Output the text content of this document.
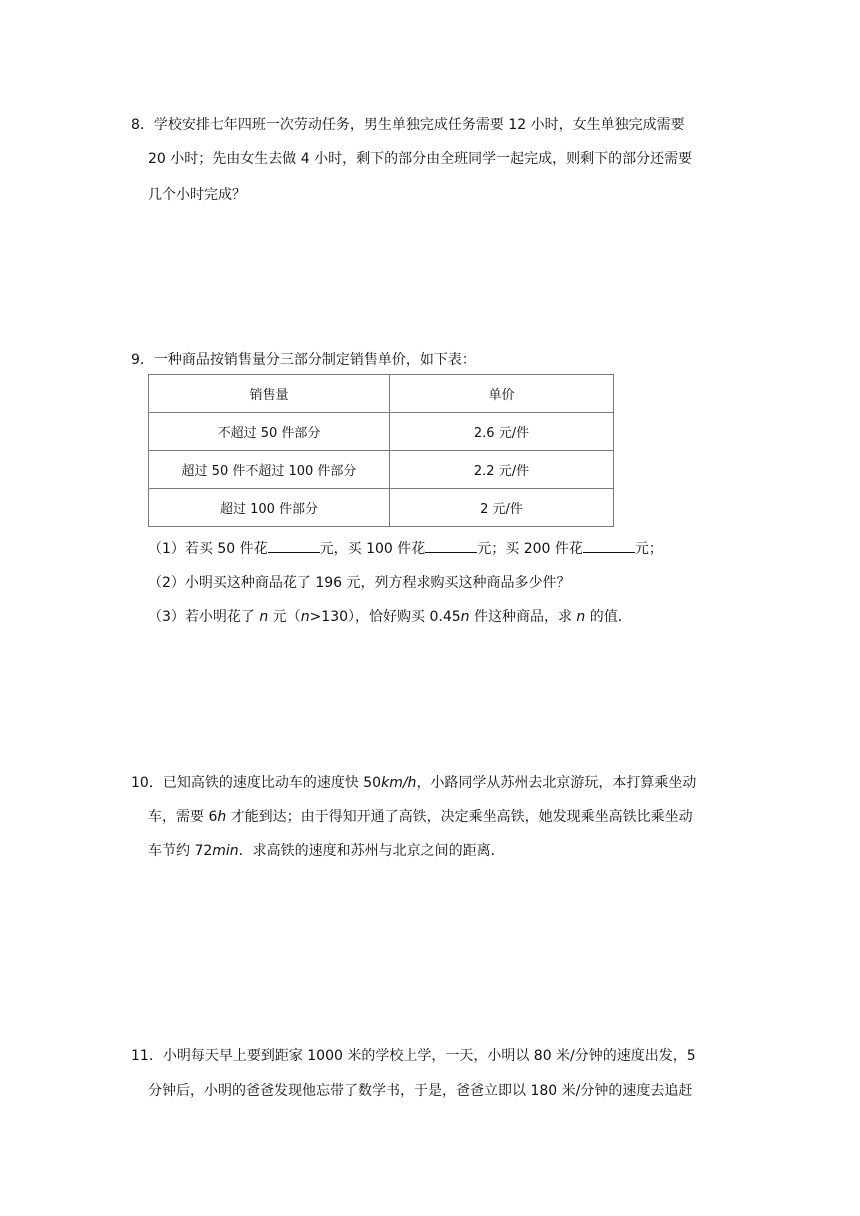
8．学校安排七年四班一次劳动任务，男生单独完成任务需要 12 小时，女生单独完成需要
20 小时；先由女生去做 4 小时，剩下的部分由全班同学一起完成，则剩下的部分还需要
几个小时完成？
9．一种商品按销售量分三部分制定销售单价，如下表：
销售量	单价
不超过 50 件部分	2.6 元/件
超过 50 件不超过 100 件部分	2.2 元/件
超过 100 件部分	2 元/件
（1）若买 50 件花	元，买 100 件花	元；买 200 件花	元；
（2）小明买这种商品花了 196 元，列方程求购买这种商品多少件？
（3）若小明花了 n 元（n>130），恰好购买 0.45n 件这种商品，求 n 的值．
10．已知高铁的速度比动车的速度快 50km/h，小路同学从苏州去北京游玩，本打算乘坐动
车，需要 6h 才能到达；由于得知开通了高铁，决定乘坐高铁，她发现乘坐高铁比乘坐动
车节约 72min．求高铁的速度和苏州与北京之间的距离．
11．小明每天早上要到距家 1000 米的学校上学，一天，小明以 80 米/分钟的速度出发，5
分钟后，小明的爸爸发现他忘带了数学书，于是，爸爸立即以 180 米/分钟的速度去追赶
